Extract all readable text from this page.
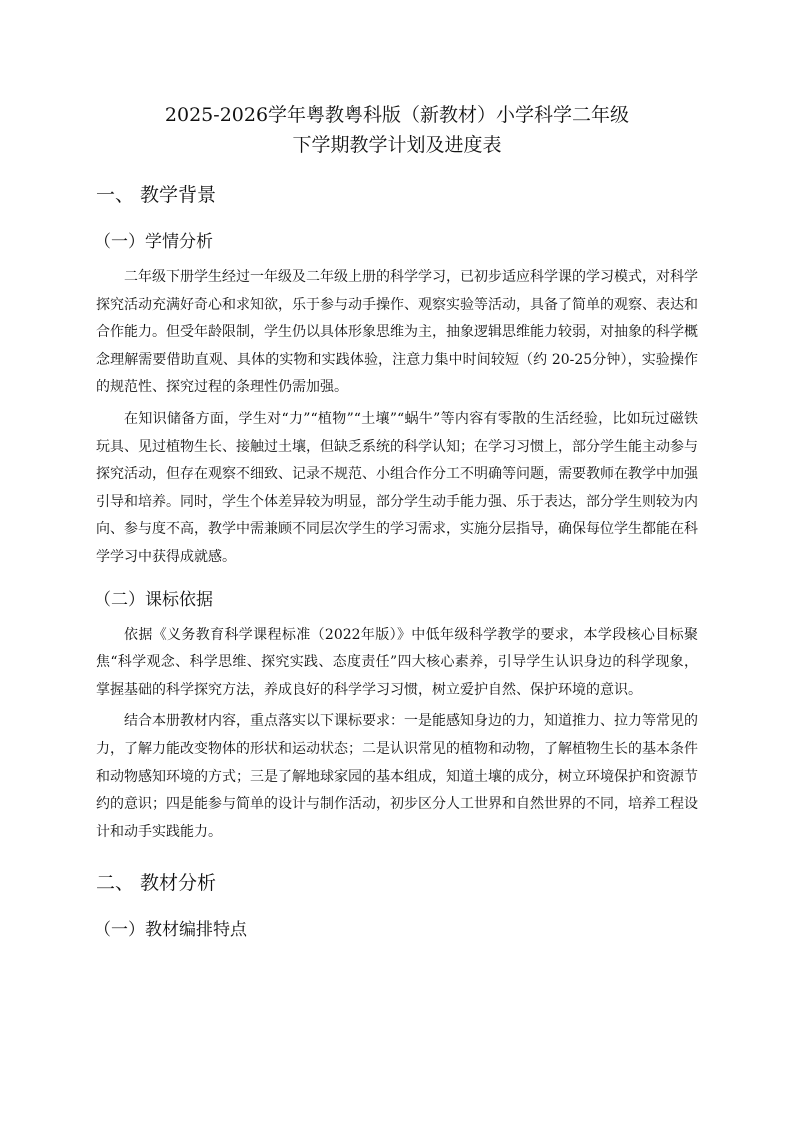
2025-2026学年粤教粤科版（新教材）小学科学二年级
下学期教学计划及进度表
一、 教学背景
（一）学情分析

二年级下册学生经过一年级及二年级上册的科学学习，已初步适应科学课的学习模式，对科学探究活动充满好奇心和求知欲，乐于参与动手操作、观察实验等活动，具备了简单的观察、表达和合作能力。但受年龄限制，学生仍以具体形象思维为主，抽象逻辑思维能力较弱，对抽象的科学概念理解需要借助直观、具体的实物和实践体验，注意力集中时间较短（约 20-25分钟），实验操作的规范性、探究过程的条理性仍需加强。

在知识储备方面，学生对“力”“植物”“土壤”“蜗牛”等内容有零散的生活经验，比如玩过磁铁玩具、见过植物生长、接触过土壤，但缺乏系统的科学认知；在学习习惯上，部分学生能主动参与探究活动，但存在观察不细致、记录不规范、小组合作分工不明确等问题，需要教师在教学中加强引导和培养。同时，学生个体差异较为明显，部分学生动手能力强、乐于表达，部分学生则较为内向、参与度不高，教学中需兼顾不同层次学生的学习需求，实施分层指导，确保每位学生都能在科学学习中获得成就感。

（二）课标依据

依据《义务教育科学课程标准（2022年版）》中低年级科学教学的要求，本学段核心目标聚焦“科学观念、科学思维、探究实践、态度责任”四大核心素养，引导学生认识身边的科学现象，掌握基础的科学探究方法，养成良好的科学学习习惯，树立爱护自然、保护环境的意识。

结合本册教材内容，重点落实以下课标要求：一是能感知身边的力，知道推力、拉力等常见的力，了解力能改变物体的形状和运动状态；二是认识常见的植物和动物，了解植物生长的基本条件和动物感知环境的方式；三是了解地球家园的基本组成，知道土壤的成分，树立环境保护和资源节约的意识；四是能参与简单的设计与制作活动，初步区分人工世界和自然世界的不同，培养工程设计和动手实践能力。

二、 教材分析
（一）教材编排特点
